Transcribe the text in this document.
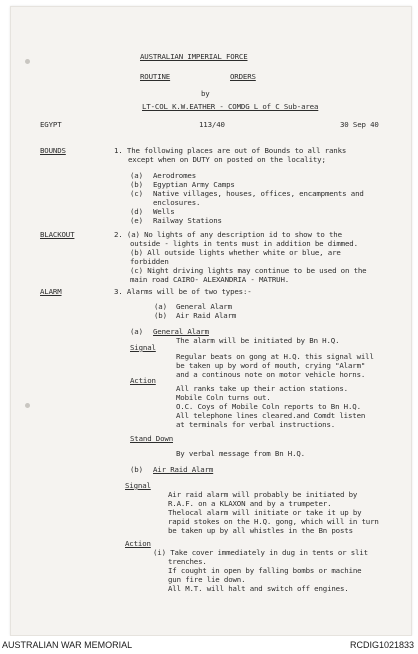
AUSTRALIAN IMPERIAL FORCE
ROUTINE	ORDERS
by
LT-COL K.W.EATHER - COMDG L of C Sub-area
EGYPT	113/40	30 Sep 40
BOUNDS	1. The following places are out of Bounds to all ranks
except when on DUTY on posted on the locality;
(a) Aerodromes
(b) Egyptian Army Camps
(c) Native villages, houses, offices, encampments and
enclosures.
(d) Wells
(e) Railway Stations
BLACKOUT	2. (a) No lights of any description id to show to the
outside - lights in tents must in addition be dimmed.
(b) All outside lights whether white or blue, are
forbidden
(c) Night driving lights may continue to be used on the
main road CAIRO- ALEXANDRIA - MATRUH.
ALARM	3. Alarms will be of two types:-
(a) General Alarm
(b) Air Raid Alarm
(a) General Alarm
The alarm will be initiated by Bn H.Q.
Signal
Regular beats on gong at H.Q. this signal will
be taken up by word of mouth, crying "Alarm"
and a continous note on motor vehicle horns.
Action
All ranks take up their action stations.
Mobile Coln turns out.
O.C. Coys of Mobile Coln reports to Bn H.Q.
All telephone lines cleared.and Comdt listen
at terminals for verbal instructions.
Stand Down
By verbal message from Bn H.Q.
(b) Air Raid Alarm
Signal
Air raid alarm will probably be initiated by
R.A.F. on a KLAXON and by a trumpeter.
Thelocal alarm will initiate or take it up by
rapid stokes on the H.Q. gong, which will in turn
be taken up by all whistles in the Bn posts
Action
(i) Take cover immediately in dug in tents or slit
trenches.
If cought in open by falling bombs or machine
gun fire lie down.
All M.T. will halt and switch off engines.
AUSTRALIAN WAR MEMORIAL	RCDIG1021833
